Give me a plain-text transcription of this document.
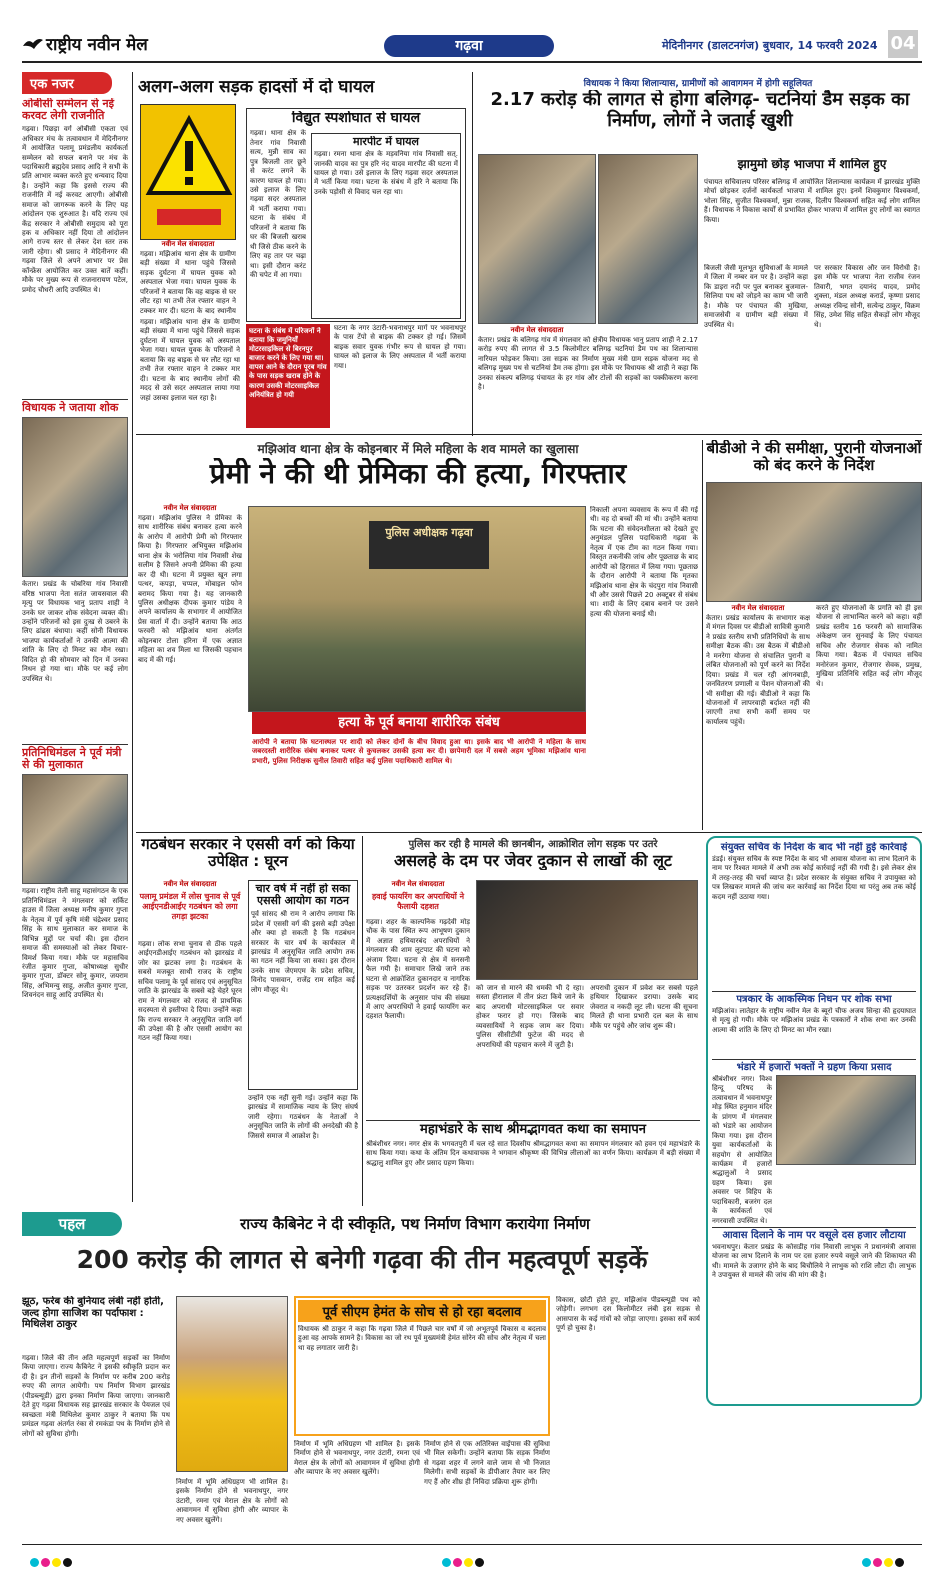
राष्ट्रीय नवीन मेल	गढ़वा	मेदिनीनगर (डालटनगंज) बुधवार, 14 फरवरी 2024 04
एक नजर
ओबीसी सम्मेलन से नई करवट लेगी राजनीति
गढ़वा। पिछड़ा वर्ग ओबीसी एकता एवं अधिकार मंच के तत्वावधान में मेदिनीनगर में आयोजित पलामू प्रमंडलीय कार्यकर्ता सम्मेलन को सफल बनाने पर मंच के पदाधिकारी ब्रह्मदेव प्रसाद आदि ने सभी के प्रति आभार व्यक्त करते हुए धन्यवाद दिया है। उन्होंने कहा कि इससे राज्य की राजनीति में नई करवट आएगी। ओबीसी समाज को जागरूक करने के लिए यह आंदोलन एक शुरुआत है। यदि राज्य एवं केंद्र सरकार ने ओबीसी समुदाय को पूरा हक व अधिकार नहीं दिया तो आंदोलन आगे राज्य स्तर से लेकर देश स्तर तक जारी रहेगा। श्री प्रसाद ने मेदिनीनगर की गढ़वा जिले से अपने आभार पर प्रेस कॉन्फ्रेंस आयोजित कर उक्त बातें कहीं। मौके पर मुख्य रूप से राजनारायण पटेल, प्रमोद चौधरी आदि उपस्थित थे।
विधायक ने जताया शोक
केतार। प्रखंड के चोबरिया गांव निवासी वरिष्ठ भाजपा नेता सतंत जायसवाल की मृत्यु पर विधायक भानु प्रताप शाही ने उनके घर जाकर शोक संवेदना व्यक्त की। उन्होंने परिजनों को इस दुःख से उबरने के लिए ढांढस बंधाया। कहीं सोनी विधायक भाजपा कार्यकर्ताओं ने उनकी आत्मा की शांति के लिए दो मिनट का मौन रखा। विदित हो की सोमवार को दिन में उनका निधन हो गया था। मौके पर कई लोग उपस्थित थे।
प्रतिनिधिमंडल ने पूर्व मंत्री से की मुलाकात
गढ़वा। राष्ट्रीय तेली साहू महासंगठन के एक प्रतिनिधिमंडल ने मंगलवार को सर्किट हाउस में जिला अध्यक्ष मनीष कुमार गुप्ता के नेतृत्व में पूर्व कृषि मंत्री चंद्रेश्वर प्रसाद सिंह के साथ मुलाकात कर समाज के विभिन्न मुद्दों पर चर्चा की। इस दौरान समाज की समस्याओं को लेकर विचार-विमर्श किया गया। मौके पर महासचिव रंजीत कुमार गुप्ता, कोषाध्यक्ष सुधीर कुमार गुप्ता, डॉक्टर सोनू कुमार, जयराम सिंह, अभिमन्यु साहू, अजीत कुमार गुप्ता, शिवनंदन साहू आदि उपस्थित थे।
अलग-अलग सड़क हादसों में दो घायल
नवीन मेल संवाददाता
गढ़वा। मझिआंव थाना क्षेत्र के ग्रामीण बड़ी संख्या में थाना पहुंचे जिससे सड़क दुर्घटना में घायल युवक को अस्पताल भेजा गया। घायल युवक के परिजनों ने बताया कि वह बाइक से घर लौट रहा था तभी तेज रफ्तार वाहन ने टक्कर मार दी। घटना के बाद स्थानीय
विद्युत स्पर्शाघात से घायल
गढ़वा। थाना क्षेत्र के तेनार गांव निवासी सत्य, मुन्नी साव का पुत्र बिजली तार छूने से करंट लगने के कारण घायल हो गया। उसे इलाज के लिए गढ़वा सदर अस्पताल में भर्ती कराया गया। घटना के संबंध में परिजनों ने बताया कि घर की बिजली खराब थी जिसे ठीक करने के लिए वह तार पर चढ़ा था। इसी दौरान करंट की चपेट में आ गया।
मारपीट में घायल
गढ़वा। रमना थाना क्षेत्र के मड़वनिया गांव निवासी सत्. जानकी यादव का पुत्र हरि नंद यादव मारपीट की घटना में घायल हो गया। उसे इलाज के लिए गढ़वा सदर अस्पताल में भर्ती किया गया। घटना के संबंध में हरि ने बताया कि उनके पड़ोसी से विवाद चल रहा था।
घटना के संबंध में परिजनों ने बताया कि जमुनियाँ मोटरसाइकिल से बिरनपुर बाजार करने के लिए गया था। वापस आने के दौरान पूरब गांव के पास सड़क खराब होने के कारण उसकी मोटरसाइकिल अनियंत्रित हो गयी
घटना के नगर उंटारी-भवनाथपुर मार्ग पर भवनाथपुर के पास टेंपो से बाइक की टक्कर हो गई। जिसमें बाइक सवार युवक गंभीर रूप से घायल हो गया। घायल को इलाज के लिए अस्पताल में भर्ती कराया गया।
गढ़वा। मझिआंव थाना क्षेत्र के ग्रामीण बड़ी संख्या में थाना पहुंचे जिससे सड़क दुर्घटना में घायल युवक को अस्पताल भेजा गया। घायल युवक के परिजनों ने बताया कि वह बाइक से घर लौट रहा था तभी तेज रफ्तार वाहन ने टक्कर मार दी। घटना के बाद स्थानीय लोगों की मदद से उसे सदर अस्पताल लाया गया जहां उसका इलाज चल रहा है।
विधायक ने किया शिलान्यास, ग्रामीणों को आवागमन में होगी सहूलियत
2.17 करोड़ की लागत से होगा बलिगढ़- चटनियां डैम सड़क का निर्माण, लोगों ने जताई खुशी
नवीन मेल संवाददाता
केतार। प्रखंड के बलिगढ़ गांव में मंगलवार को क्षेत्रीय विधायक भानु प्रताप शाही ने 2.17 करोड़ रुपए की लागत से 3.5 किलोमीटर बलिगढ़ चटनियां डैम पथ का शिलान्यास नारियल फोड़कर किया। उस सड़क का निर्माण मुख्य मंत्री ग्राम सड़क योजना मद से बलिगढ़ मुख्य पथ से चटनियां डैम तक होगा। इस मौके पर विधायक श्री शाही ने कहा कि उनका संकल्प बलिगढ़ पंचायत के हर गांव और टोलों की सड़कों का पक्कीकरण करना है।
झामुमो छोड़ भाजपा में शामिल हुए
पंचायत सचिवालय परिसर बलिगढ़ में आयोजित शिलान्यास कार्यक्रम में झारखंड मुक्ति मोर्चा छोड़कर दर्जनों कार्यकर्ता भाजपा में शामिल हुए। इनमें शिवकुमार विश्वकर्मा, भोला सिंह, सुजीत विश्वकर्मा, मुन्ना राजक, दिलीप विश्वकर्मा सहित कई लोग शामिल हैं। विधायक ने विकास कार्यों से प्रभावित होकर भाजपा में शामिल हुए लोगों का स्वागत किया।
बिजली जैसी मूलभूत सुविधाओं के मामले में जिला में नम्बर वन पर है। उन्होंने कहा कि डाइरा नदी पर पुल बनाकर बुजमाल-सिलिया पथ को जोड़ने का काम भी जारी है। मौके पर पंचायत की मुखिया, समाजसेवी व ग्रामीण बड़ी संख्या में उपस्थित थे।
पर सरकार विकास और जन विरोधी है। इस मौके पर भाजपा नेता राजीव रंजन तिवारी, भगत दयानंद यादव, प्रमोद शुक्ला, मंडल अध्यक्ष करार्ड, कृष्णा प्रसाद अध्यक्ष रविन्द्र सोनी, सत्येन्द्र ठाकुर, विक्रम सिंह, उमेश सिंह सहित सैकड़ों लोग मौजूद थे।
मझिआंव थाना क्षेत्र के कोइनबार में मिले महिला के शव मामले का खुलासा
प्रेमी ने की थी प्रेमिका की हत्या, गिरफ्तार
नवीन मेल संवाददाता
गढ़वा। मझिआंव पुलिस ने प्रेमिका के साथ शारीरिक संबंध बनाकर हत्या करने के आरोप में आरोपी प्रेमी को गिरफ्तार किया है। गिरफ्तार अभियुक्त मझिआंव थाना क्षेत्र के भरोलिया गांव निवासी शेख सलीम है जिसने अपनी प्रेमिका की हत्या कर दी थी। घटना में प्रयुक्त खून लगा पत्थर, कपड़ा, चप्पल, मोबाइल फोन बरामद किया गया है। यह जानकारी पुलिस अधीक्षक दीपक कुमार पांडेय ने अपने कार्यालय के सभागार में आयोजित प्रेस वार्ता में दी। उन्होंने बताया कि आठ फरवरी को मझिआंव थाना अंतर्गत कोइनबार टोला हरिना में एक अज्ञात महिला का शव मिला था जिसकी पहचान बाद में की गई।
पुलिस अधीक्षक गढ़वा
हत्या के पूर्व बनाया शारीरिक संबंध
आरोपी ने बताया कि घटनास्थल पर शादी को लेकर दोनों के बीच विवाद हुआ था। इसके बाद भी आरोपी ने महिला के साथ जबरदस्ती शारीरिक संबंध बनाकर पत्थर से कुचलकर उसकी हत्या कर दी। छापेमारी दल में सबसे अहम भूमिका मझिआंव थाना प्रभारी, पुलिस निरीक्षक सुनील तिवारी सहित कई पुलिस पदाधिकारी शामिल थे।
निकाली अपना व्यवसाय के रूप में की गई थी। वह दो बच्चों की मां थी। उन्होंने बताया कि घटना की संवेदनशीलता को देखते हुए अनुमंडल पुलिस पदाधिकारी गढ़वा के नेतृत्व में एक टीम का गठन किया गया। विस्तृत तकनीकी जांच और पूछताछ के बाद आरोपी को हिरासत में लिया गया। पूछताछ के दौरान आरोपी ने बताया कि मृतका मझिआंव थाना क्षेत्र के चंदपुरा गांव निवासी थी और उससे पिछले 20 अक्टूबर से संबंध था। शादी के लिए दबाव बनाने पर उसने हत्या की योजना बनाई थी।
बीडीओ ने की समीक्षा, पुरानी योजनाओं को बंद करने के निर्देश
नवीन मेल संवाददाता
केतार। प्रखंड कार्यालय के सभागार कक्ष में मंगल दिवस पर बीडीओ सावित्री कुमारी ने प्रखंड स्तरीय सभी प्रतिनिधियों के साथ समीक्षा बैठक की। उस बैठक में बीडीओ ने मनरेगा योजना से संचालित पुरानी व लंबित योजनाओं को पूर्ण करने का निर्देश दिया। प्रखंड में चल रही आंगनबाड़ी, जनवितरण प्रणाली व पेंशन योजनाओं की भी समीक्षा की गई। बीडीओ ने कहा कि योजनाओं में लापरवाही बर्दाश्त नहीं की जाएगी तथा सभी कर्मी समय पर कार्यालय पहुंचें।
करते हुए योजनाओं के प्रगति को ही इस योजना से लाभान्वित करने को कहा। वहीं प्रखंड स्तरीय 16 फरवरी को सामाजिक अंकेक्षण जन सुनवाई के लिए पंचायत सचिव और रोजगार सेवक को नामित किया गया। बैठक में पंचायत सचिव मनोरंजन कुमार, रोजगार सेवक, प्रमुख, मुखिया प्रतिनिधि सहित कई लोग मौजूद थे।
गठबंधन सरकार ने एससी वर्ग को किया उपेक्षित : घूरन
नवीन मेल संवाददाता
पलामू प्रमंडल में लोस चुनाव से पूर्व आईएनडीआईए गठबंधन को लगा तगड़ा झटका
गढ़वा। लोक सभा चुनाव से ठीक पहले आईएनडीआईए गठबंधन को झारखंड में जोर का झटका लगा है। गठबंधन के सबसे मजबूत साथी राजद के राष्ट्रीय सचिव पलामू के पूर्व सांसद एवं अनुसूचित जाति के झारखंड के सबसे बड़े चेहरे घूरन राम ने मंगलवार को राजद से प्राथमिक सदस्यता से इस्तीफा दे दिया। उन्होंने कहा कि राज्य सरकार ने अनुसूचित जाति वर्ग की उपेक्षा की है और एससी आयोग का गठन नहीं किया गया।
चार वर्ष में नहीं हो सका एससी आयोग का गठन
पूर्व सांसद श्री राम ने आरोप लगाया कि प्रदेश में एससी वर्ग की इससे बड़ी उपेक्षा और क्या हो सकती है कि गठबंधन सरकार के चार वर्ष के कार्यकाल में झारखंड में अनुसूचित जाति आयोग तक का गठन नहीं किया जा सका। इस दौरान उनके साथ जेएमएम के प्रदेश सचिव, विनोद पासवान, राजेंद्र राम सहित कई लोग मौजूद थे।
उन्होंने एक नहीं सुनी गई। उन्होंने कहा कि झारखंड में सामाजिक न्याय के लिए संघर्ष जारी रहेगा। गठबंधन के नेताओं ने अनुसूचित जाति के लोगों की अनदेखी की है जिससे समाज में आक्रोश है।
पुलिस कर रही है मामले की छानबीन, आक्रोशित लोग सड़क पर उतरे
असलहे के दम पर जेवर दुकान से लाखों की लूट
नवीन मेल संवाददाता
हवाई फायरिंग कर अपराधियों ने फैलायी दहशत
गढ़वा। शहर के काल्पनिक गढ़देवी मोड़ चौक के पास स्थित रूप आभूषण दुकान में अज्ञात हथियारबंद अपराधियों ने मंगलवार की शाम लूटपाट की घटना को अंजाम दिया। घटना से क्षेत्र में सनसनी फैल गयी है। समाचार लिखे जाने तक घटना से आक्रोशित दुकानदार व नागरिक सड़क पर उतरकर प्रदर्शन कर रहे हैं। प्रत्यक्षदर्शियों के अनुसार पांच की संख्या में आए अपराधियों ने हवाई फायरिंग कर दहशत फैलायी।
को जान से मारने की धमकी भी दे रहा। सस्ता हीरालाल में तीन फ्रंटा किये जाने के बाद अपराधी मोटरसाइकिल पर सवार होकर फरार हो गए। जिसके बाद व्यवसायियों ने सड़क जाम कर दिया। पुलिस सीसीटीवी फुटेज की मदद से अपराधियों की पहचान करने में जुटी है।
अपराधी दुकान में प्रवेश कर सबसे पहले हथियार दिखाकर डराया। उसके बाद जेवरात व नकदी लूट ली। घटना की सूचना मिलते ही थाना प्रभारी दल बल के साथ मौके पर पहुंचे और जांच शुरू की।
महाभंडारे के साथ श्रीमद्भागवत कथा का समापन
श्रीबंशीधर नगर। नगर क्षेत्र के भगवतपुरी में चल रहे सात दिवसीय श्रीमद्भागवत कथा का समापन मंगलवार को हवन एवं महाभंडारे के साथ किया गया। कथा के अंतिम दिन कथावाचक ने भगवान श्रीकृष्ण की विभिन्न लीलाओं का वर्णन किया। कार्यक्रम में बड़ी संख्या में श्रद्धालु शामिल हुए और प्रसाद ग्रहण किया।
संयुक्त सचिव के निर्देश के बाद भी नहीं हुई कार्रवाई
डंडई। संयुक्त सचिव के स्पष्ट निर्देश के बाद भी आवास योजना का लाभ दिलाने के नाम पर रिश्वत मामले में अभी तक कोई कार्रवाई नहीं की गयी है। इसे लेकर क्षेत्र में तरह-तरह की चर्चा व्याप्त है। प्रदेश सरकार के संयुक्त सचिव ने उपायुक्त को पत्र लिखकर मामले की जांच कर कार्रवाई का निर्देश दिया था परंतु अब तक कोई कदम नहीं उठाया गया।
पत्रकार के आकस्मिक निधन पर शोक सभा
मझिआंव। लातेहार के राष्ट्रीय नवीन मेल के ब्यूरो चीफ अजय सिन्हा की हृदयाघात से मृत्यु हो गयी। मौके पर मझिआंव प्रखंड के पत्रकारों ने शोक सभा कर उनकी आत्मा की शांति के लिए दो मिनट का मौन रखा।
भंडारे में हजारों भक्तों ने ग्रहण किया प्रसाद
श्रीबंशीधर नगर। विश्व हिन्दू परिषद के तत्वावधान में भवनाथपुर मोड़ स्थित हनुमान मंदिर के प्रांगण में मंगलवार को भंडारे का आयोजन किया गया। इस दौरान युवा कार्यकर्ताओं के सहयोग से आयोजित कार्यक्रम में हजारों श्रद्धालुओं ने प्रसाद ग्रहण किया। इस अवसर पर विहिप के पदाधिकारी, बजरंग दल के कार्यकर्ता एवं नगरवासी उपस्थित थे।
आवास दिलाने के नाम पर वसूले दस हजार लौटाया
भवनाथपुर। केतार प्रखंड के कोसडीह गांव निवासी लाभुक ने प्रधानमंत्री आवास योजना का लाभ दिलाने के नाम पर दस हजार रुपये वसूले जाने की शिकायत की थी। मामले के उजागर होने के बाद बिचौलिये ने लाभुक को राशि लौटा दी। लाभुक ने उपायुक्त से मामले की जांच की मांग की है।
पहल	राज्य कैबिनेट ने दी स्वीकृति, पथ निर्माण विभाग करायेगा निर्माण
200 करोड़ की लागत से बनेगी गढ़वा की तीन महत्वपूर्ण सड़कें
झूठ, फरेब की बुनियाद लंबी नहीं होती, जल्द होगा साजिश का पर्दाफाश : मिथिलेश ठाकुर
गढ़वा। जिले की तीन अति महत्वपूर्ण सड़कों का निर्माण किया जाएगा। राज्य कैबिनेट ने इसकी स्वीकृति प्रदान कर दी है। इन तीनों सड़कों के निर्माण पर करीब 200 करोड़ रुपए की लागत आयेगी। पथ निर्माण विभाग झारखंड (पीडब्ल्यूडी) द्वारा इनका निर्माण किया जाएगा। जानकारी देते हुए गढ़वा विधायक सह झारखंड सरकार के पेयजल एवं स्वच्छता मंत्री मिथिलेश कुमार ठाकुर ने बताया कि पथ प्रमंडल गढ़वा अंतर्गत रंका से रमकंडा पथ के निर्माण होने से लोगों को सुविधा होगी।
निर्माण में भूमि अधिग्रहण भी शामिल है। इसके निर्माण होने से भवनाथपुर, नगर उंटारी, रमना एवं मेराल क्षेत्र के लोगों को आवागमन में सुविधा होगी और व्यापार के नए अवसर खुलेंगे।
पूर्व सीएम हेमंत के सोच से हो रहा बदलाव
विधायक श्री ठाकुर ने कहा कि गढ़वा जिले में पिछले चार वर्षों में जो अभूतपूर्व विकास व बदलाव हुआ वह आपके सामने है। विकास का जो रथ पूर्व मुख्यमंत्री हेमंत सोरेन की सोच और नेतृत्व में चला था वह लगातार जारी है।
निर्माण में भूमि अधिग्रहण भी शामिल है। इसके निर्माण होने से भवनाथपुर, नगर उंटारी, रमना एवं मेराल क्षेत्र के लोगों को आवागमन में सुविधा होगी और व्यापार के नए अवसर खुलेंगे।
निर्माण होने से एक अतिरिक्त वाईपास की सुविधा भी मिल सकेगी। उन्होंने बताया कि सड़क निर्माण से गढ़वा शहर में लगने वाले जाम से भी निजात मिलेगी। सभी सड़कों के डीपीआर तैयार कर लिए गए हैं और शीघ्र ही निविदा प्रक्रिया शुरू होगी।
विकास, छोटी होते हुए, मझिआंव पीडब्ल्यूडी पथ को जोड़ेगी। लगभग दस किलोमीटर लंबी इस सड़क से आसपास के कई गांवों को जोड़ा जाएगा। इसका सर्वे कार्य पूर्ण हो चुका है।
